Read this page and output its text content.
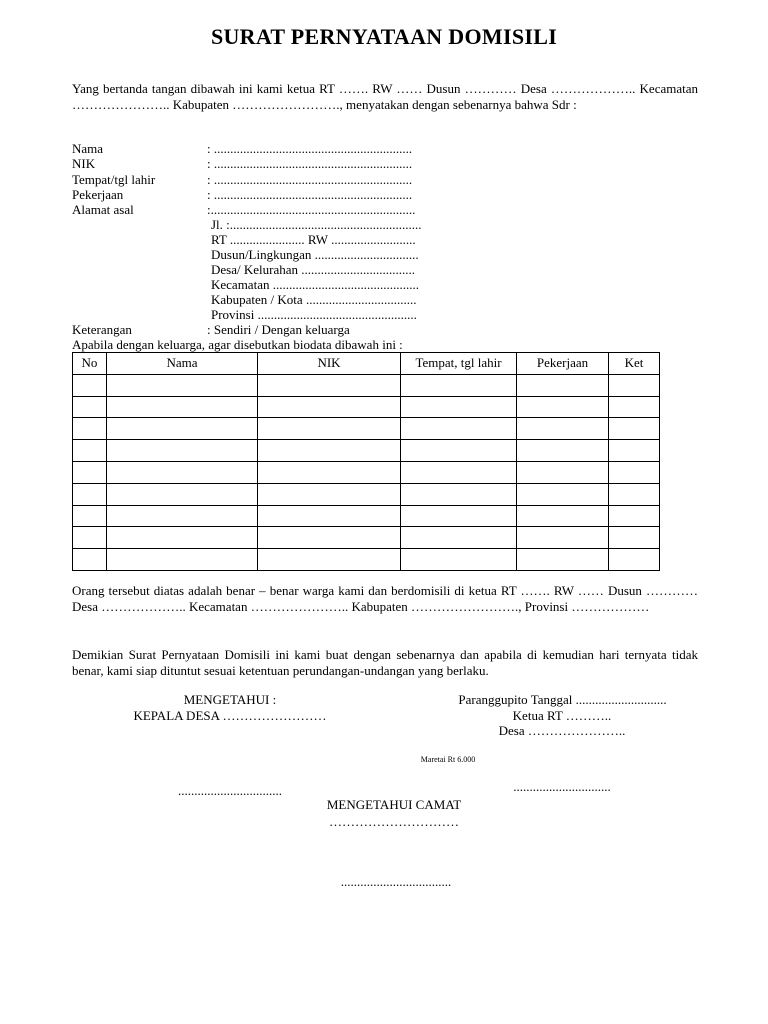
SURAT PERNYATAAN DOMISILI
Yang bertanda tangan dibawah ini kami ketua RT ……. RW …… Dusun ………… Desa ……………….. Kecamatan ………………….. Kabupaten ……………………., menyatakan dengan sebenarnya bahwa Sdr :
Nama	: .............................................................
NIK	: .............................................................
Tempat/tgl lahir	: .............................................................
Pekerjaan	: .............................................................
Alamat asal	:...............................................................
Jl. :...........................................................
RT ....................... RW ..........................
Dusun/Lingkungan ................................
Desa/ Kelurahan ...................................
Kecamatan .............................................
Kabupaten / Kota ..................................
Provinsi .................................................
Keterangan	: Sendiri / Dengan keluarga
Apabila dengan keluarga, agar disebutkan biodata dibawah ini :
No	Nama	NIK	Tempat, tgl lahir	Pekerjaan	Ket

Orang tersebut diatas adalah benar – benar warga kami dan berdomisili di ketua RT ……. RW …… Dusun ………… Desa ……………….. Kecamatan ………………….. Kabupaten ……………………., Provinsi ………………
Demikian Surat Pernyataan Domisili ini kami buat dengan sebenarnya dan apabila di kemudian hari ternyata tidak benar, kami siap dituntut sesuai ketentuan perundangan-undangan yang berlaku.
MENGETAHUI :
KEPALA DESA ……………………
Paranggupito Tanggal ............................
Ketua RT ………..
Desa …………………..
Maretai Rt 6.000
................................	..............................
MENGETAHUI CAMAT
…………………………
..................................
